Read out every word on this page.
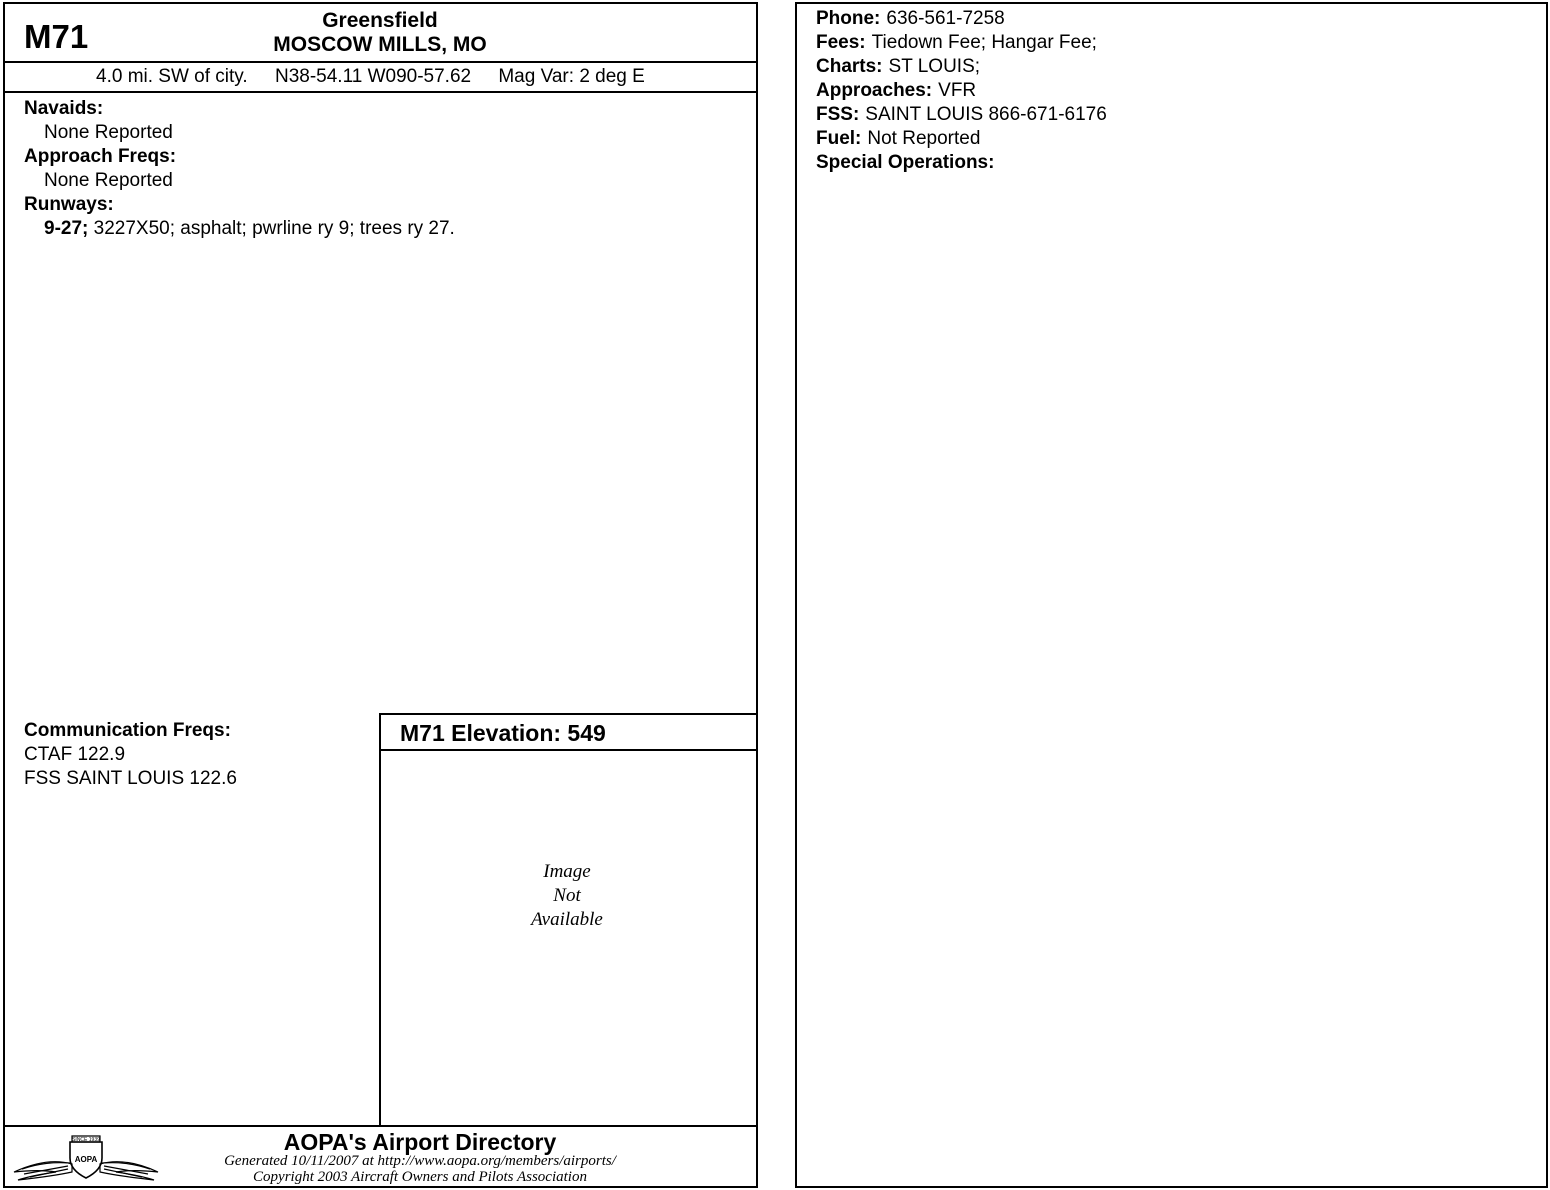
M71	Greensfield
MOSCOW MILLS, MO
4.0 mi. SW of city. N38-54.11 W090-57.62 Mag Var: 2 deg E
Navaids:
None Reported
Approach Freqs:
None Reported
Runways:
9-27; 3227X50; asphalt; pwrline ry 9; trees ry 27.
Communication Freqs:
CTAF 122.9
FSS SAINT LOUIS 122.6
M71 Elevation: 549
Image
Not
Available
SINCE 1939
AOPA
AOPA's Airport Directory
Generated 10/11/2007 at http://www.aopa.org/members/airports/
Copyright 2003 Aircraft Owners and Pilots Association
Phone: 636-561-7258
Fees: Tiedown Fee; Hangar Fee;
Charts: ST LOUIS;
Approaches: VFR
FSS: SAINT LOUIS 866-671-6176
Fuel: Not Reported
Special Operations:
